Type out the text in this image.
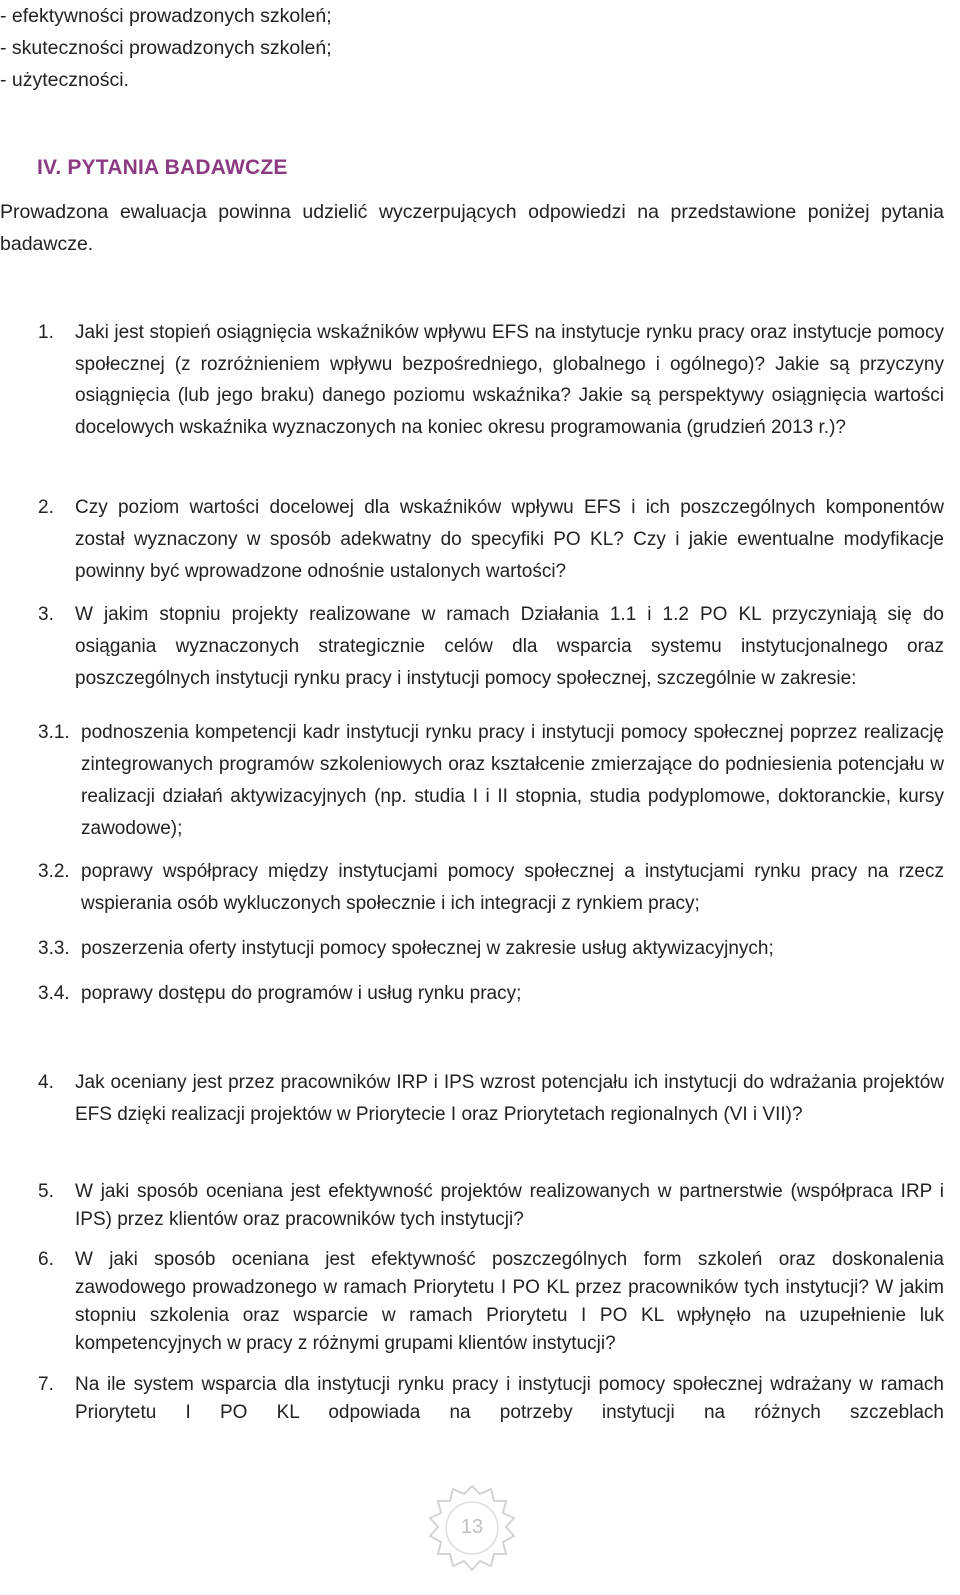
- efektywności prowadzonych szkoleń;
- skuteczności prowadzonych szkoleń;
- użyteczności.
IV. PYTANIA BADAWCZE
Prowadzona ewaluacja powinna udzielić wyczerpujących odpowiedzi na przedstawione poniżej pytania badawcze.
1. Jaki jest stopień osiągnięcia wskaźników wpływu EFS na instytucje rynku pracy oraz instytucje pomocy społecznej (z rozróżnieniem wpływu bezpośredniego, globalnego i ogólnego)? Jakie są przyczyny osiągnięcia (lub jego braku) danego poziomu wskaźnika? Jakie są perspektywy osiągnięcia wartości docelowych wskaźnika wyznaczonych na koniec okresu programowania (grudzień 2013 r.)?
2. Czy poziom wartości docelowej dla wskaźników wpływu EFS i ich poszczególnych komponentów został wyznaczony w sposób adekwatny do specyfiki PO KL? Czy i jakie ewentualne modyfikacje powinny być wprowadzone odnośnie ustalonych wartości?
3. W jakim stopniu projekty realizowane w ramach Działania 1.1 i 1.2 PO KL przyczyniają się do osiągania wyznaczonych strategicznie celów dla wsparcia systemu instytucjonalnego oraz poszczególnych instytucji rynku pracy i instytucji pomocy społecznej, szczególnie w zakresie:
3.1. podnoszenia kompetencji kadr instytucji rynku pracy i instytucji pomocy społecznej poprzez realizację zintegrowanych programów szkoleniowych oraz kształcenie zmierzające do podniesienia potencjału w realizacji działań aktywizacyjnych (np. studia I i II stopnia, studia podyplomowe, doktoranckie, kursy zawodowe);
3.2. poprawy współpracy między instytucjami pomocy społecznej a instytucjami rynku pracy na rzecz wspierania osób wykluczonych społecznie i ich integracji z rynkiem pracy;
3.3. poszerzenia oferty instytucji pomocy społecznej w zakresie usług aktywizacyjnych;
3.4. poprawy dostępu do programów i usług rynku pracy;
4. Jak oceniany jest przez pracowników IRP i IPS wzrost potencjału ich instytucji do wdrażania projektów EFS dzięki realizacji projektów w Priorytecie I oraz Priorytetach regionalnych (VI i VII)?
5. W jaki sposób oceniana jest efektywność projektów realizowanych w partnerstwie (współpraca IRP i IPS) przez klientów oraz pracowników tych instytucji?
6. W jaki sposób oceniana jest efektywność poszczególnych form szkoleń oraz doskonalenia zawodowego prowadzonego w ramach Priorytetu I PO KL przez pracowników tych instytucji? W jakim stopniu szkolenia oraz wsparcie w ramach Priorytetu I PO KL wpłynęło na uzupełnienie luk kompetencyjnych w pracy z różnymi grupami klientów instytucji?
7. Na ile system wsparcia dla instytucji rynku pracy i instytucji pomocy społecznej wdrażany w ramach Priorytetu I PO KL odpowiada na potrzeby instytucji na różnych szczeblach
13
